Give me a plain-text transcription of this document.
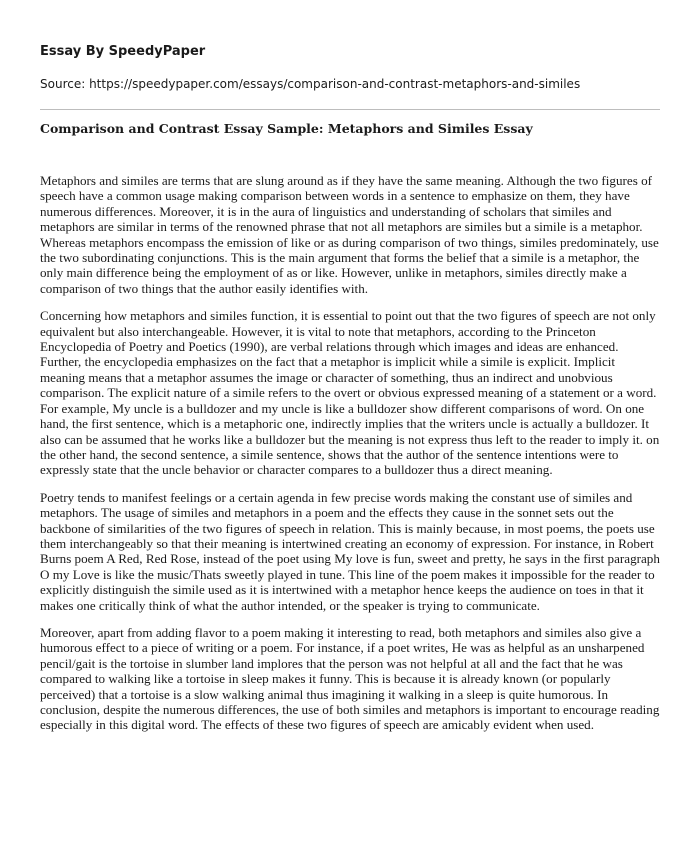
Essay By SpeedyPaper
Source: https://speedypaper.com/essays/comparison-and-contrast-metaphors-and-similes
Comparison and Contrast Essay Sample: Metaphors and Similes Essay

Metaphors and similes are terms that are slung around as if they have the same meaning. Although the two figures of speech have a common usage making comparison between words in a sentence to emphasize on them, they have numerous differences. Moreover, it is in the aura of linguistics and understanding of scholars that similes and metaphors are similar in terms of the renowned phrase that not all metaphors are similes but a simile is a metaphor. Whereas metaphors encompass the emission of like or as during comparison of two things, similes predominately, use the two subordinating conjunctions. This is the main argument that forms the belief that a simile is a metaphor, the only main difference being the employment of as or like. However, unlike in metaphors, similes directly make a comparison of two things that the author easily identifies with.

Concerning how metaphors and similes function, it is essential to point out that the two figures of speech are not only equivalent but also interchangeable. However, it is vital to note that metaphors, according to the Princeton Encyclopedia of Poetry and Poetics (1990), are verbal relations through which images and ideas are enhanced. Further, the encyclopedia emphasizes on the fact that a metaphor is implicit while a simile is explicit. Implicit meaning means that a metaphor assumes the image or character of something, thus an indirect and unobvious comparison. The explicit nature of a simile refers to the overt or obvious expressed meaning of a statement or a word. For example, My uncle is a bulldozer and my uncle is like a bulldozer show different comparisons of word. On one hand, the first sentence, which is a metaphoric one, indirectly implies that the writers uncle is actually a bulldozer. It also can be assumed that he works like a bulldozer but the meaning is not express thus left to the reader to imply it. on the other hand, the second sentence, a simile sentence, shows that the author of the sentence intentions were to expressly state that the uncle behavior or character compares to a bulldozer thus a direct meaning.

Poetry tends to manifest feelings or a certain agenda in few precise words making the constant use of similes and metaphors. The usage of similes and metaphors in a poem and the effects they cause in the sonnet sets out the backbone of similarities of the two figures of speech in relation. This is mainly because, in most poems, the poets use them interchangeably so that their meaning is intertwined creating an economy of expression. For instance, in Robert Burns poem A Red, Red Rose, instead of the poet using My love is fun, sweet and pretty, he says in the first paragraph O my Love is like the music/Thats sweetly played in tune. This line of the poem makes it impossible for the reader to explicitly distinguish the simile used as it is intertwined with a metaphor hence keeps the audience on toes in that it makes one critically think of what the author intended, or the speaker is trying to communicate.

Moreover, apart from adding flavor to a poem making it interesting to read, both metaphors and similes also give a humorous effect to a piece of writing or a poem. For instance, if a poet writes, He was as helpful as an unsharpened pencil/gait is the tortoise in slumber land implores that the person was not helpful at all and the fact that he was compared to walking like a tortoise in sleep makes it funny. This is because it is already known (or popularly perceived) that a tortoise is a slow walking animal thus imagining it walking in a sleep is quite humorous. In conclusion, despite the numerous differences, the use of both similes and metaphors is important to encourage reading especially in this digital word. The effects of these two figures of speech are amicably evident when used.
